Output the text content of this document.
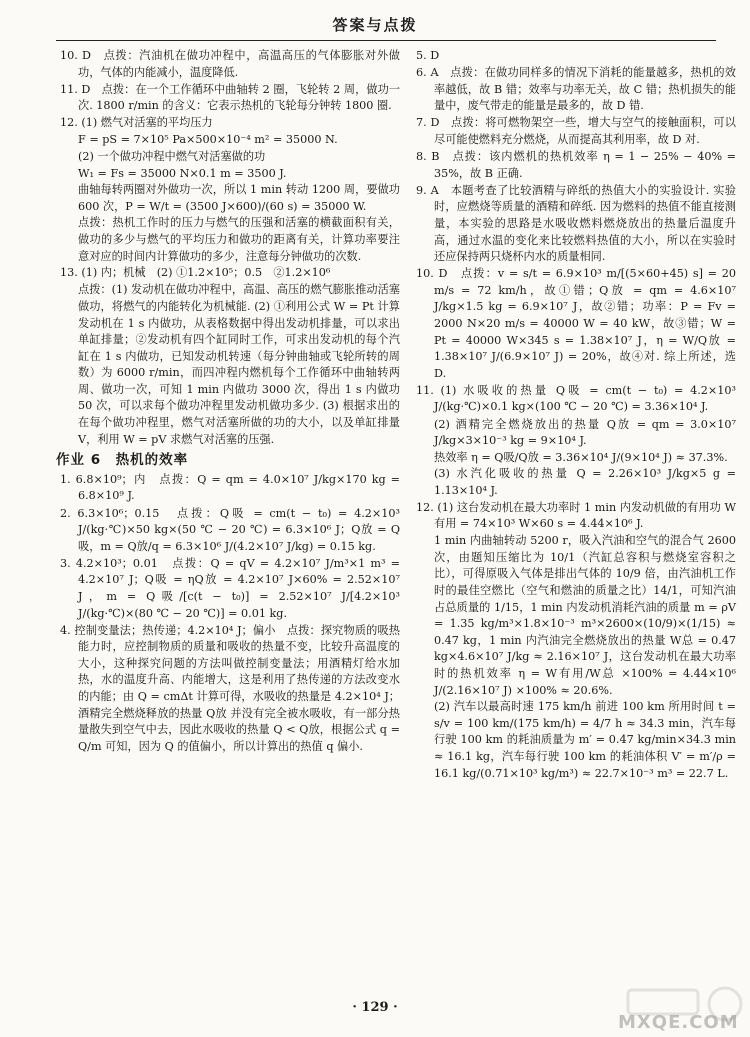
答案与点拨

10. D　点拨：汽油机在做功冲程中，高温高压的气体膨胀对外做功，气体的内能减小，温度降低.

11. D　点拨：在一个工作循环中曲轴转 2 圈，飞轮转 2 周，做功一次. 1800 r/min 的含义：它表示热机的飞轮每分钟转 1800 圈.

12. (1) 燃气对活塞的平均压力

F = pS = 7×10⁵ Pa×500×10⁻⁴ m² = 35000 N.

(2) 一个做功冲程中燃气对活塞做的功

W₁ = Fs = 35000 N×0.1 m = 3500 J.

曲轴每转两圈对外做功一次，所以 1 min 转动 1200 周，要做功 600 次，P = W/t = (3500 J×600)/(60 s) = 35000 W.

点拨：热机工作时的压力与燃气的压强和活塞的横截面积有关，做功的多少与燃气的平均压力和做功的距离有关，计算功率要注意对应的时间内计算做功的多少，注意每分钟做功的次数.

13. (1) 内；机械　(2) ①1.2×10⁵；0.5　②1.2×10⁶

点拨：(1) 发动机在做功冲程中，高温、高压的燃气膨胀推动活塞做功，将燃气的内能转化为机械能. (2) ①利用公式 W = Pt 计算发动机在 1 s 内做功，从表格数据中得出发动机排量，可以求出单缸排量；②发动机有四个缸同时工作，可求出发动机的每个汽缸在 1 s 内做功，已知发动机转速（每分钟曲轴或飞轮所转的周数）为 6000 r/min，而四冲程内燃机每个工作循环中曲轴转两周、做功一次，可知 1 min 内做功 3000 次，得出 1 s 内做功 50 次，可以求每个做功冲程里发动机做功多少. (3) 根据求出的在每个做功冲程里，燃气对活塞所做的功的大小，以及单缸排量 V，利用 W = pV 求燃气对活塞的压强.

作业 6　热机的效率

1. 6.8×10⁹；内　点拨：Q = qm = 4.0×10⁷ J/kg×170 kg = 6.8×10⁹ J.

2. 6.3×10⁶；0.15　点拨：Q吸 = cm(t − t₀) = 4.2×10³ J/(kg·℃)×50 kg×(50 ℃ − 20 ℃) = 6.3×10⁶ J；Q放 = Q吸，m = Q放/q = 6.3×10⁶ J/(4.2×10⁷ J/kg) = 0.15 kg.

3. 4.2×10³；0.01　点拨：Q = qV = 4.2×10⁷ J/m³×1 m³ = 4.2×10⁷ J；Q吸 = ηQ放 = 4.2×10⁷ J×60% = 2.52×10⁷ J，m = Q吸/[c(t − t₀)] = 2.52×10⁷ J/[4.2×10³ J/(kg·℃)×(80 ℃ − 20 ℃)] = 0.01 kg.

4. 控制变量法；热传递；4.2×10⁴ J；偏小　点拨：探究物质的吸热能力时，应控制物质的质量和吸收的热量不变，比较升高温度的大小，这种探究问题的方法叫做控制变量法；用酒精灯给水加热，水的温度升高、内能增大，这是利用了热传递的方法改变水的内能；由 Q = cmΔt 计算可得，水吸收的热量是 4.2×10⁴ J；酒精完全燃烧释放的热量 Q放 并没有完全被水吸收，有一部分热量散失到空气中去，因此水吸收的热量 Q < Q放，根据公式 q = Q/m 可知，因为 Q 的值偏小，所以计算出的热值 q 偏小.

5. D

6. A　点拨：在做功同样多的情况下消耗的能量越多，热机的效率越低，故 B 错；效率与功率无关，故 C 错；热机损失的能量中，废气带走的能量是最多的，故 D 错.

7. D　点拨：将可燃物架空一些，增大与空气的接触面积，可以尽可能使燃料充分燃烧，从而提高其利用率，故 D 对.

8. B　点拨：该内燃机的热机效率 η = 1 − 25% − 40% = 35%，故 B 正确.

9. A　本题考查了比较酒精与碎纸的热值大小的实验设计. 实验时，应燃烧等质量的酒精和碎纸. 因为燃料的热值不能直接测量，本实验的思路是水吸收燃料燃烧放出的热量后温度升高，通过水温的变化来比较燃料热值的大小，所以在实验时还应保持两只烧杯内水的质量相同.

10. D　点拨：v = s/t = 6.9×10³ m/[(5×60+45) s] = 20 m/s = 72 km/h，故①错；Q放 = qm = 4.6×10⁷ J/kg×1.5 kg = 6.9×10⁷ J，故②错；功率：P = Fv = 2000 N×20 m/s = 40000 W = 40 kW，故③错；W = Pt = 40000 W×345 s = 1.38×10⁷ J，η = W/Q放 = 1.38×10⁷ J/(6.9×10⁷ J) = 20%，故④对. 综上所述，选 D.

11. (1) 水吸收的热量 Q吸 = cm(t − t₀) = 4.2×10³ J/(kg·℃)×0.1 kg×(100 ℃ − 20 ℃) = 3.36×10⁴ J.

(2) 酒精完全燃烧放出的热量 Q放 = qm = 3.0×10⁷ J/kg×3×10⁻³ kg = 9×10⁴ J.

热效率 η = Q吸/Q放 = 3.36×10⁴ J/(9×10⁴ J) ≈ 37.3%.

(3) 水汽化吸收的热量 Q = 2.26×10³ J/kg×5 g = 1.13×10⁴ J.

12. (1) 这台发动机在最大功率时 1 min 内发动机做的有用功 W有用 = 74×10³ W×60 s = 4.44×10⁶ J.

1 min 内曲轴转动 5200 r，吸入汽油和空气的混合气 2600 次，由题知压缩比为 10/1（汽缸总容积与燃烧室容积之比），可得原吸入气体是排出气体的 10/9 倍，由汽油机工作时的最佳空燃比（空气和燃油的质量之比）14/1，可知汽油占总质量的 1/15，1 min 内发动机消耗汽油的质量 m = ρV = 1.35 kg/m³×1.8×10⁻³ m³×2600×(10/9)×(1/15) ≈ 0.47 kg，1 min 内汽油完全燃烧放出的热量 W总 = 0.47 kg×4.6×10⁷ J/kg ≈ 2.16×10⁷ J，这台发动机在最大功率时的热机效率 η = W有用/W总 ×100% = 4.44×10⁶ J/(2.16×10⁷ J) ×100% ≈ 20.6%.

(2) 汽车以最高时速 175 km/h 前进 100 km 所用时间 t = s/v = 100 km/(175 km/h) = 4/7 h ≈ 34.3 min，汽车每行驶 100 km 的耗油质量为 m′ = 0.47 kg/min×34.3 min ≈ 16.1 kg，汽车每行驶 100 km 的耗油体积 V′ = m′/ρ = 16.1 kg/(0.71×10³ kg/m³) ≈ 22.7×10⁻³ m³ = 22.7 L.

· 129 ·
MXQE.COM
